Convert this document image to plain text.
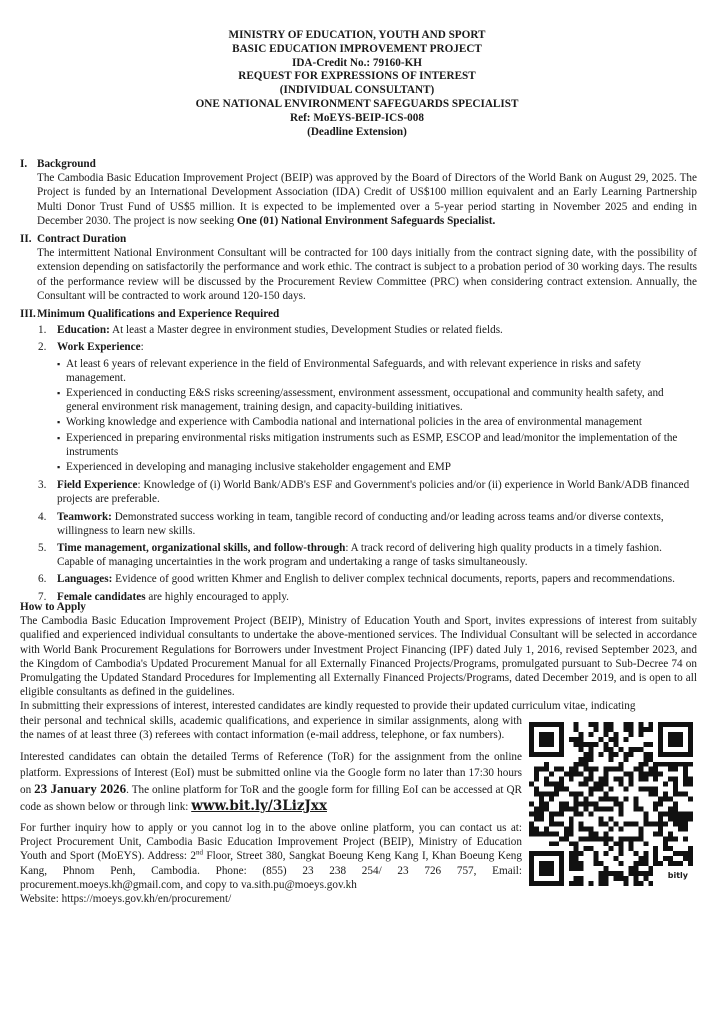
MINISTRY OF EDUCATION, YOUTH AND SPORT
BASIC EDUCATION IMPROVEMENT PROJECT
IDA-Credit No.: 79160-KH
REQUEST FOR EXPRESSIONS OF INTEREST
(INDIVIDUAL CONSULTANT)
ONE NATIONAL ENVIRONMENT SAFEGUARDS SPECIALIST
Ref: MoEYS-BEIP-ICS-008
(Deadline Extension)
I. Background

The Cambodia Basic Education Improvement Project (BEIP) was approved by the Board of Directors of the World Bank on August 29, 2025. The Project is funded by an International Development Association (IDA) Credit of US$100 million equivalent and an Early Learning Partnership Multi Donor Trust Fund of US$5 million. It is expected to be implemented over a 5-year period starting in November 2025 and ending in December 2030. The project is now seeking One (01) National Environment Safeguards Specialist.

II. Contract Duration

The intermittent National Environment Consultant will be contracted for 100 days initially from the contract signing date, with the possibility of extension depending on satisfactorily the performance and work ethic. The contract is subject to a probation period of 30 working days. The results of the performance review will be discussed by the Procurement Review Committee (PRC) when considering contract extension. Annually, the Consultant will be contracted to work around 120-150 days.

III. Minimum Qualifications and Experience Required
1. Education: At least a Master degree in environment studies, Development Studies or related fields.
2. Work Experience:
▪ At least 6 years of relevant experience in the field of Environmental Safeguards, and with relevant experience in risks and safety management.
▪ Experienced in conducting E&S risks screening/assessment, environment assessment, occupational and community health safety, and general environment risk management, training design, and capacity-building initiatives.
▪ Working knowledge and experience with Cambodia national and international policies in the area of environmental management
▪ Experienced in preparing environmental risks mitigation instruments such as ESMP, ESCOP and lead/monitor the implementation of the instruments
▪ Experienced in developing and managing inclusive stakeholder engagement and EMP
3. Field Experience: Knowledge of (i) World Bank/ADB's ESF and Government's policies and/or (ii) experience in World Bank/ADB financed projects are preferable.
4. Teamwork: Demonstrated success working in team, tangible record of conducting and/or leading across teams and/or diverse contexts, willingness to learn new skills.
5. Time management, organizational skills, and follow-through: A track record of delivering high quality products in a timely fashion. Capable of managing uncertainties in the work program and undertaking a range of tasks simultaneously.
6. Languages: Evidence of good written Khmer and English to deliver complex technical documents, reports, papers and recommendations.
7. Female candidates are highly encouraged to apply.
How to Apply

The Cambodia Basic Education Improvement Project (BEIP), Ministry of Education Youth and Sport, invites expressions of interest from suitably qualified and experienced individual consultants to undertake the above-mentioned services. The Individual Consultant will be selected in accordance with World Bank Procurement Regulations for Borrowers under Investment Project Financing (IPF) dated July 1, 2016, revised September 2023, and the Kingdom of Cambodia's Updated Procurement Manual for all Externally Financed Projects/Programs, promulgated pursuant to Sub-Decree 74 on Promulgating the Updated Standard Procedures for Implementing all Externally Financed Projects/Programs, dated December 2019, and is open to all eligible consultants as defined in the guidelines.

In submitting their expressions of interest, interested candidates are kindly requested to provide their updated curriculum vitae, indicating

their personal and technical skills, academic qualifications, and experience in similar assignments, along with the names of at least three (3) referees with contact information (e-mail address, telephone, or fax numbers).

Interested candidates can obtain the detailed Terms of Reference (ToR) for the assignment from the online platform. Expressions of Interest (EoI) must be submitted online via the Google form no later than 17:30 hours on 23 January 2026. The online platform for ToR and the google form for filling EoI can be accessed at QR code as shown below or through link: www.bit.ly/3LizJxx

For further inquiry how to apply or you cannot log in to the above online platform, you can contact us at: Project Procurement Unit, Cambodia Basic Education Improvement Project (BEIP), Ministry of Education Youth and Sport (MoEYS). Address: 2nd Floor, Street 380, Sangkat Boeung Keng Kang I, Khan Boeung Keng Kang, Phnom Penh, Cambodia. Phone: (855) 23 238 254/ 23 726 757, Email: procurement.moeys.kh@gmail.com, and copy to va.sith.pu@moeys.gov.kh

Website: https://moeys.gov.kh/en/procurement/
bitly
